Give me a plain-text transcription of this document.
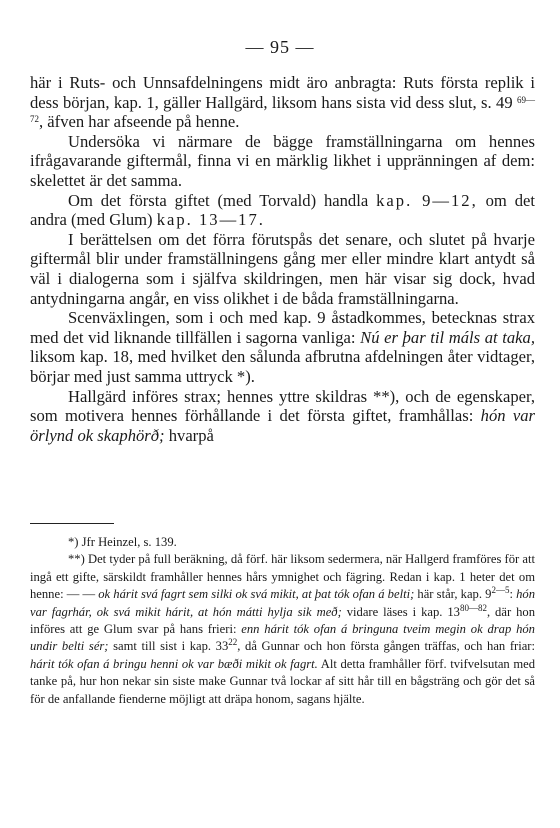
— 95 —

här i Ruts- och Unnsafdelningens midt äro anbragta: Ruts första replik i dess början, kap. 1, gäller Hallgärd, liksom hans sista vid dess slut, s. 49 $^{69—72}$, äfven har afseende på henne.

Undersöka vi närmare de bägge framställningarna om hennes ifrågavarande giftermål, finna vi en märklig likhet i uppränningen af dem: skelettet är det samma.

Om det första giftet (med Torvald) handla kap. 9—12, om det andra (med Glum) kap. 13—17.

I berättelsen om det förra förutspås det senare, och slutet på hvarje giftermål blir under framställningens gång mer eller mindre klart antydt så väl i dialogerna som i själfva skildringen, men här visar sig dock, hvad antydningarna angår, en viss olikhet i de båda framställningarna.

Scenväxlingen, som i och med kap. 9 åstadkommes, betecknas strax med det vid liknande tillfällen i sagorna vanliga: Nú er þar til máls at taka, liksom kap. 18, med hvilket den sålunda afbrutna afdelningen åter vidtager, börjar med just samma uttryck *).

Hallgärd införes strax; hennes yttre skildras **), och de egenskaper, som motivera hennes förhållande i det första giftet, framhållas: hón var örlynd ok skaphörð; hvarpå

*) Jfr Heinzel, s. 139.

**) Det tyder på full beräkning, då förf. här liksom sedermera, när Hallgerd framföres för att ingå ett gifte, särskildt framhåller hennes hårs ymnighet och fägring. Redan i kap. 1 heter det om henne: — — ok hárit svá fagrt sem silki ok svá mikit, at þat tók ofan á belti; här står, kap. $9^{2—5}$: hón var fagrhár, ok svá mikit hárit, at hón mátti hylja sik með; vidare läses i kap. $13^{80—82}$, där hon införes att ge Glum svar på hans frieri: enn hárit tók ofan á bringuna tveim megin ok drap hón undir belti sér; samt till sist i kap. $33^{22}$, då Gunnar och hon första gången träffas, och han friar: hárit tók ofan á bringu henni ok var bæði mikit ok fagrt. Alt detta framhåller förf. tvifvelsutan med tanke på, hur hon nekar sin siste make Gunnar två lockar af sitt hår till en bågsträng och gör det så för de anfallande fienderne möjligt att dräpa honom, sagans hjälte.
